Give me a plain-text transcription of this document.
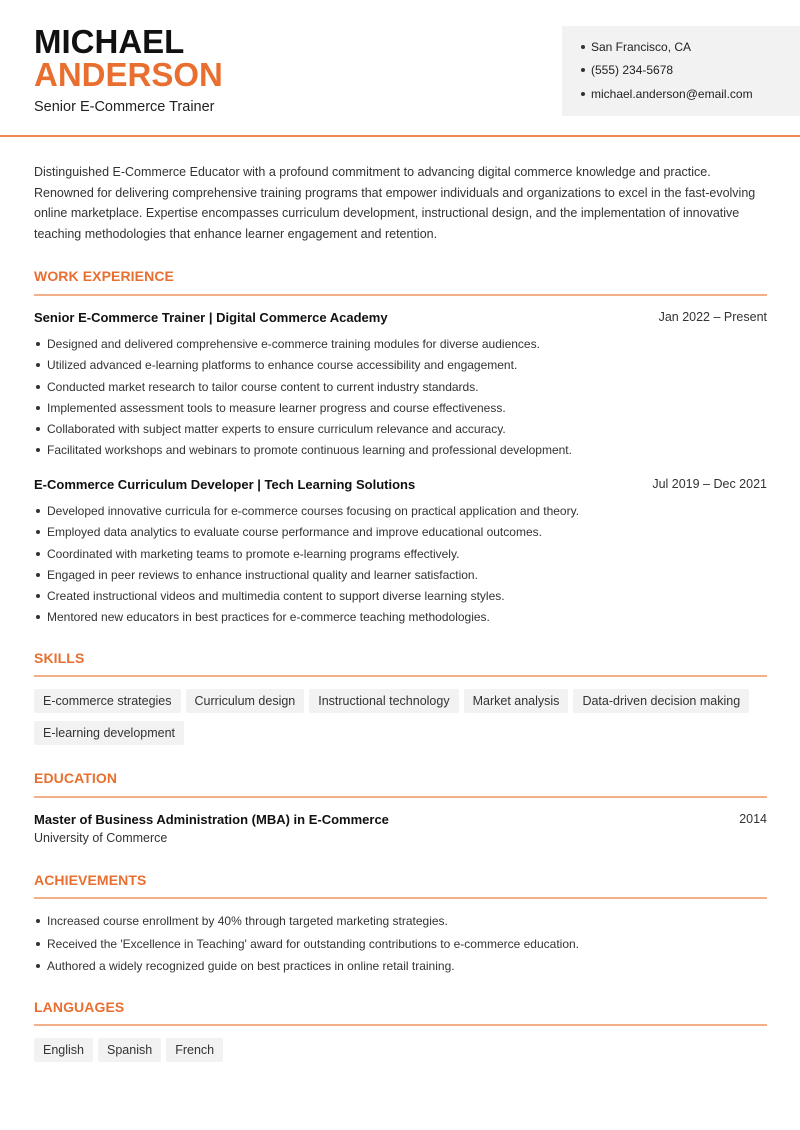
MICHAEL
ANDERSON
Senior E-Commerce Trainer
San Francisco, CA
(555) 234-5678
michael.anderson@email.com
Distinguished E-Commerce Educator with a profound commitment to advancing digital commerce knowledge and practice. Renowned for delivering comprehensive training programs that empower individuals and organizations to excel in the fast-evolving online marketplace. Expertise encompasses curriculum development, instructional design, and the implementation of innovative teaching methodologies that enhance learner engagement and retention.
WORK EXPERIENCE
Senior E-Commerce Trainer | Digital Commerce Academy	Jan 2022 – Present
Designed and delivered comprehensive e-commerce training modules for diverse audiences.
Utilized advanced e-learning platforms to enhance course accessibility and engagement.
Conducted market research to tailor course content to current industry standards.
Implemented assessment tools to measure learner progress and course effectiveness.
Collaborated with subject matter experts to ensure curriculum relevance and accuracy.
Facilitated workshops and webinars to promote continuous learning and professional development.
E-Commerce Curriculum Developer | Tech Learning Solutions	Jul 2019 – Dec 2021
Developed innovative curricula for e-commerce courses focusing on practical application and theory.
Employed data analytics to evaluate course performance and improve educational outcomes.
Coordinated with marketing teams to promote e-learning programs effectively.
Engaged in peer reviews to enhance instructional quality and learner satisfaction.
Created instructional videos and multimedia content to support diverse learning styles.
Mentored new educators in best practices for e-commerce teaching methodologies.
SKILLS
E-commerce strategies Curriculum design Instructional technology Market analysis Data-driven decision making
E-learning development
EDUCATION
Master of Business Administration (MBA) in E-Commerce	2014
University of Commerce
ACHIEVEMENTS
Increased course enrollment by 40% through targeted marketing strategies.
Received the 'Excellence in Teaching' award for outstanding contributions to e-commerce education.
Authored a widely recognized guide on best practices in online retail training.
LANGUAGES
English Spanish French
